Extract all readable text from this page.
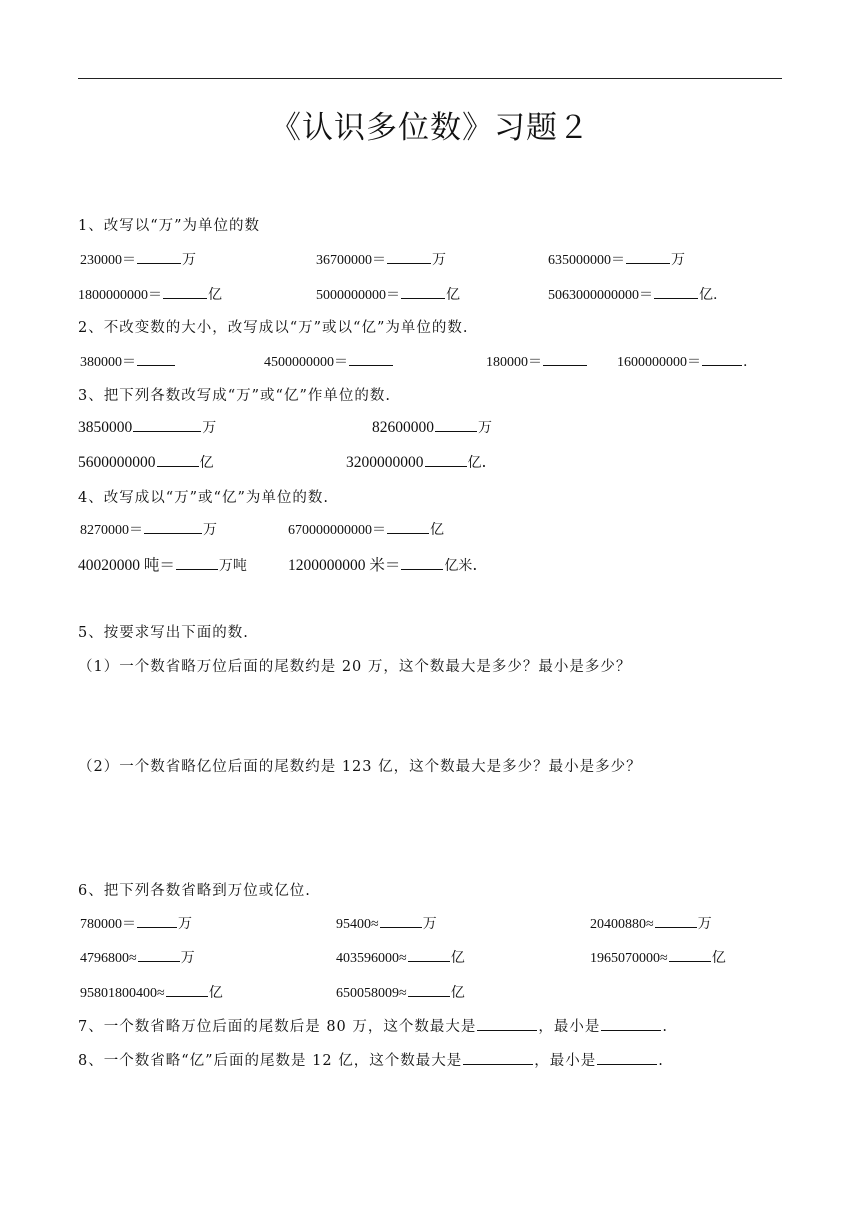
《认识多位数》习题２
1、改写以“万”为单位的数
230000＝	万	36700000＝	万	635000000＝	万
1800000000＝	亿	5000000000＝	亿	5063000000000＝	亿.
2、不改变数的大小，改写成以“万”或以“亿”为单位的数.
380000＝	4500000000＝	180000＝	1600000000＝	.
3、把下列各数改写成“万”或“亿”作单位的数.
3850000	万	82600000	万
5600000000	亿	3200000000	亿.
4、改写成以“万”或“亿”为单位的数.
8270000＝	万	670000000000＝	亿
40020000 吨＝	万吨	1200000000 米＝	亿米.
5、按要求写出下面的数.
（1）一个数省略万位后面的尾数约是 20 万，这个数最大是多少？最小是多少？
（2）一个数省略亿位后面的尾数约是 123 亿，这个数最大是多少？最小是多少？
6、把下列各数省略到万位或亿位.
780000＝	万	95400≈	万	20400880≈	万
4796800≈	万	403596000≈	亿	1965070000≈	亿
95801800400≈	亿	650058009≈	亿
7、一个数省略万位后面的尾数后是 80 万，这个数最大是	，最小是	.
8、一个数省略“亿”后面的尾数是 12 亿，这个数最大是	，最小是	.
